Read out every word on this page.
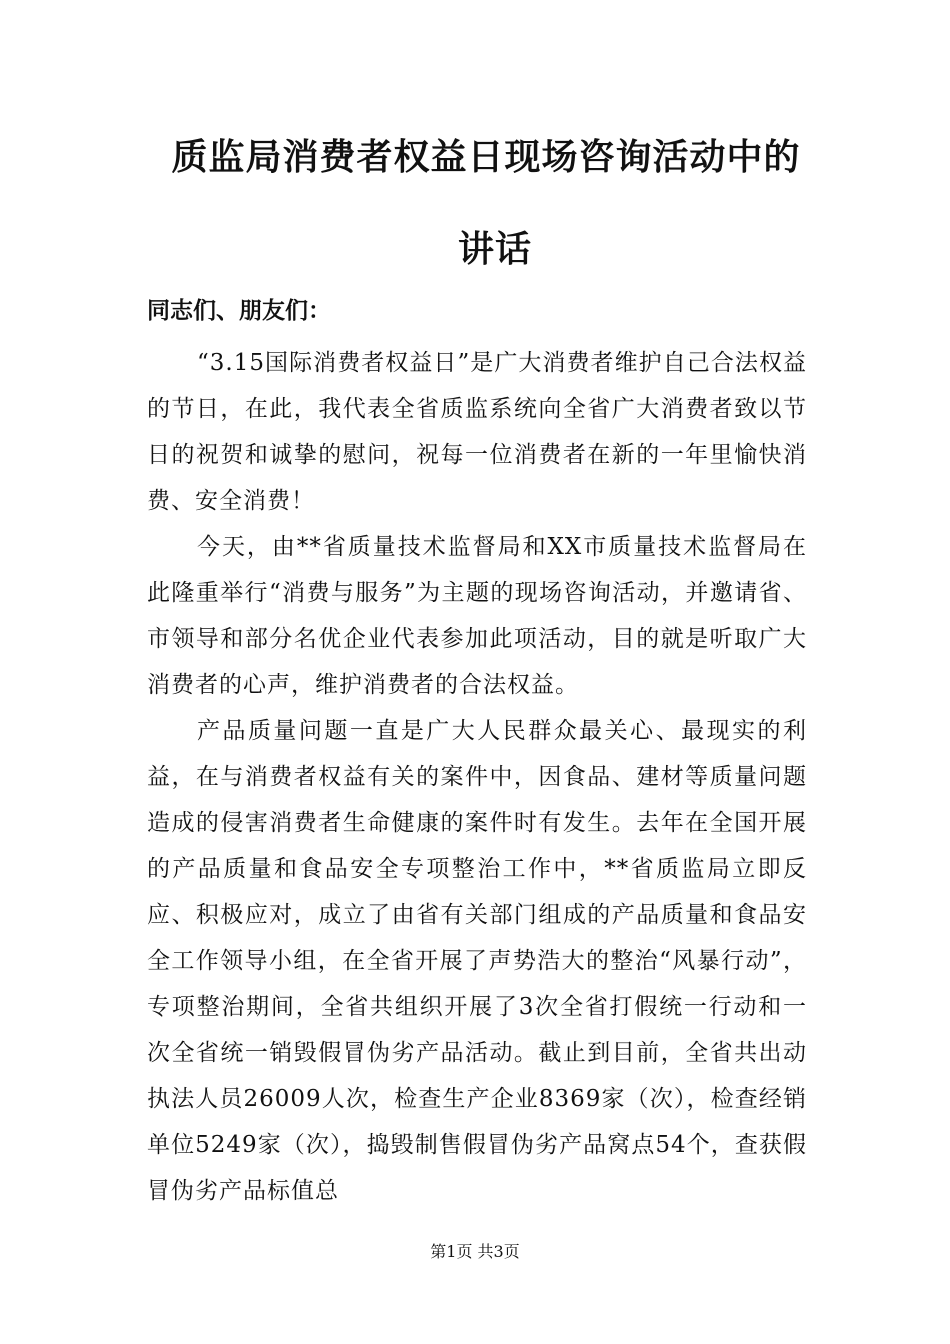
质监局消费者权益日现场咨询活动中的
讲话

同志们、朋友们：

“3.15国际消费者权益日”是广大消费者维护自己合法权益的节日，在此，我代表全省质监系统向全省广大消费者致以节日的祝贺和诚挚的慰问，祝每一位消费者在新的一年里愉快消费、安全消费！

今天，由**省质量技术监督局和XX市质量技术监督局在此隆重举行“消费与服务”为主题的现场咨询活动，并邀请省、市领导和部分名优企业代表参加此项活动，目的就是听取广大消费者的心声，维护消费者的合法权益。

产品质量问题一直是广大人民群众最关心、最现实的利益，在与消费者权益有关的案件中，因食品、建材等质量问题造成的侵害消费者生命健康的案件时有发生。去年在全国开展的产品质量和食品安全专项整治工作中，**省质监局立即反应、积极应对，成立了由省有关部门组成的产品质量和食品安全工作领导小组，在全省开展了声势浩大的整治“风暴行动”，专项整治期间，全省共组织开展了3次全省打假统一行动和一次全省统一销毁假冒伪劣产品活动。截止到目前，全省共出动执法人员26009人次，检查生产企业8369家（次），检查经销单位5249家（次），捣毁制售假冒伪劣产品窝点54个，查获假冒伪劣产品标值总

第1页 共3页
